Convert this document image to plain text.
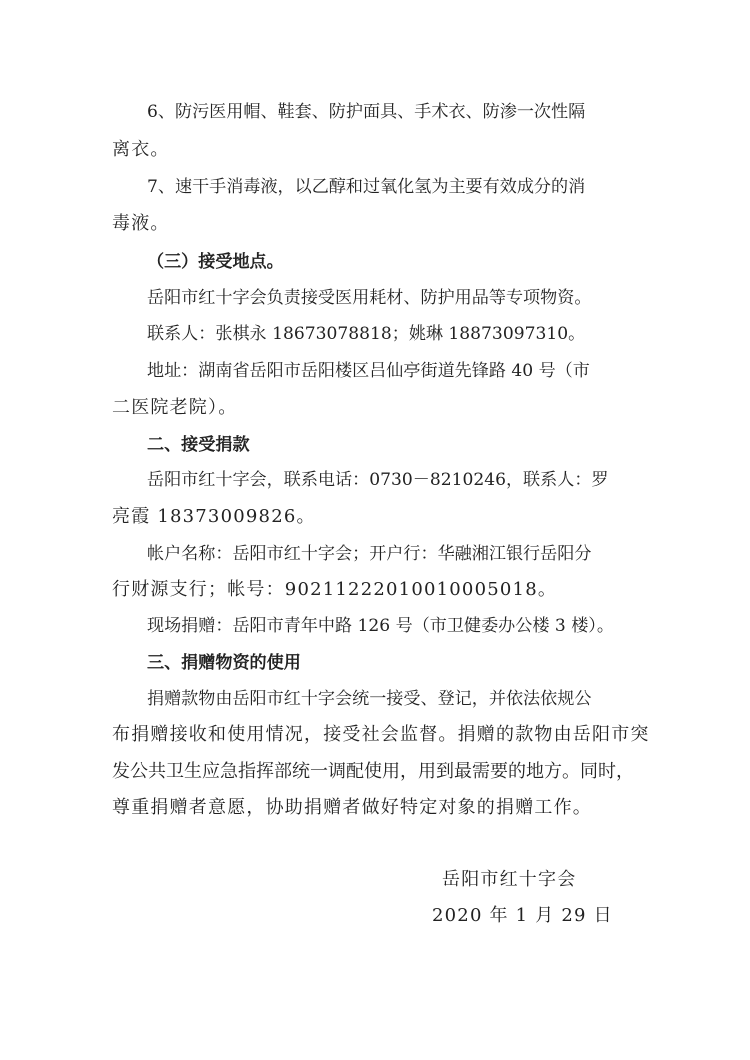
6、防污医用帽、鞋套、防护面具、手术衣、防渗一次性隔
离衣。
7、速干手消毒液，以乙醇和过氧化氢为主要有效成分的消
毒液。
（三）接受地点。
岳阳市红十字会负责接受医用耗材、防护用品等专项物资。
联系人：张棋永 18673078818；姚琳 18873097310。
地址：湖南省岳阳市岳阳楼区吕仙亭街道先锋路 40 号（市
二医院老院）。
二、接受捐款
岳阳市红十字会，联系电话：0730－8210246，联系人：罗
亮霞 18373009826。
帐户名称：岳阳市红十字会；开户行：华融湘江银行岳阳分
行财源支行；帐号：90211222010010005018。
现场捐赠：岳阳市青年中路 126 号（市卫健委办公楼 3 楼）。
三、捐赠物资的使用
捐赠款物由岳阳市红十字会统一接受、登记，并依法依规公
布捐赠接收和使用情况，接受社会监督。捐赠的款物由岳阳市突
发公共卫生应急指挥部统一调配使用，用到最需要的地方。同时，
尊重捐赠者意愿，协助捐赠者做好特定对象的捐赠工作。
岳阳市红十字会
2020 年 1 月 29 日
